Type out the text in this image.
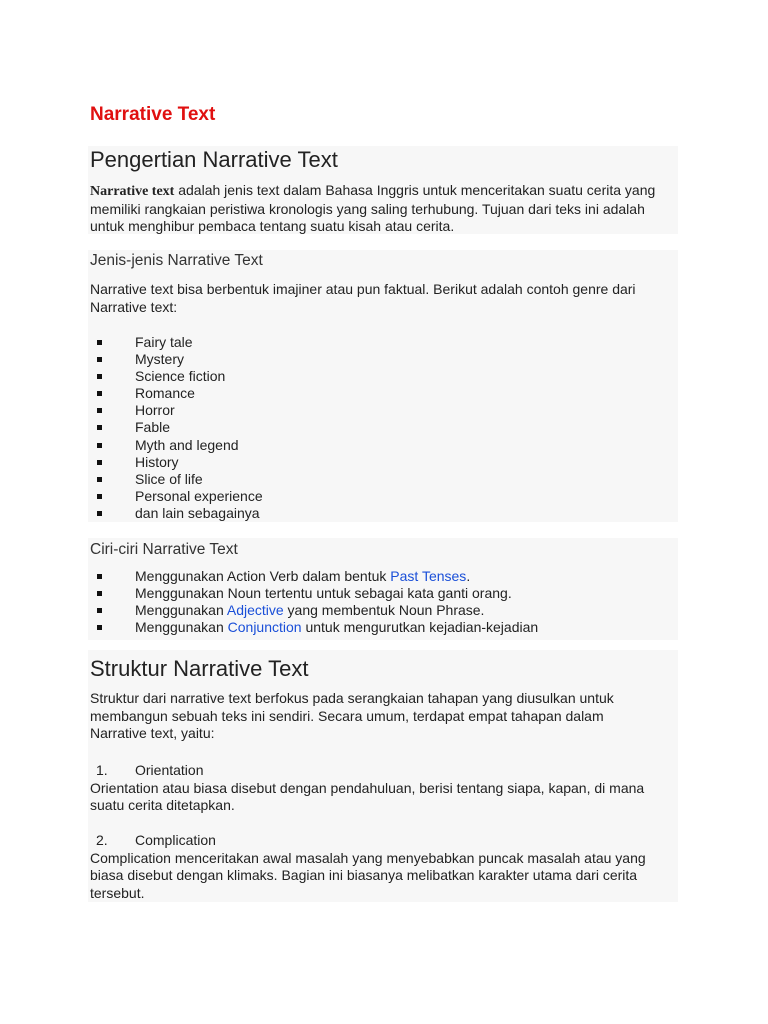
Narrative Text
Pengertian Narrative Text

Narrative text adalah jenis text dalam Bahasa Inggris untuk menceritakan suatu cerita yang memiliki rangkaian peristiwa kronologis yang saling terhubung. Tujuan dari teks ini adalah untuk menghibur pembaca tentang suatu kisah atau cerita.

Jenis-jenis Narrative Text

Narrative text bisa berbentuk imajiner atau pun faktual. Berikut adalah contoh genre dari Narrative text:

Fairy tale
Mystery
Science fiction
Romance
Horror
Fable
Myth and legend
History
Slice of life
Personal experience
dan lain sebagainya
Ciri-ciri Narrative Text
Menggunakan Action Verb dalam bentuk Past Tenses.
Menggunakan Noun tertentu untuk sebagai kata ganti orang.
Menggunakan Adjective yang membentuk Noun Phrase.
Menggunakan Conjunction untuk mengurutkan kejadian-kejadian
Struktur Narrative Text

Struktur dari narrative text berfokus pada serangkaian tahapan yang diusulkan untuk membangun sebuah teks ini sendiri. Secara umum, terdapat empat tahapan dalam Narrative text, yaitu:

1. Orientation

Orientation atau biasa disebut dengan pendahuluan, berisi tentang siapa, kapan, di mana suatu cerita ditetapkan.

2. Complication

Complication menceritakan awal masalah yang menyebabkan puncak masalah atau yang biasa disebut dengan klimaks. Bagian ini biasanya melibatkan karakter utama dari cerita tersebut.
